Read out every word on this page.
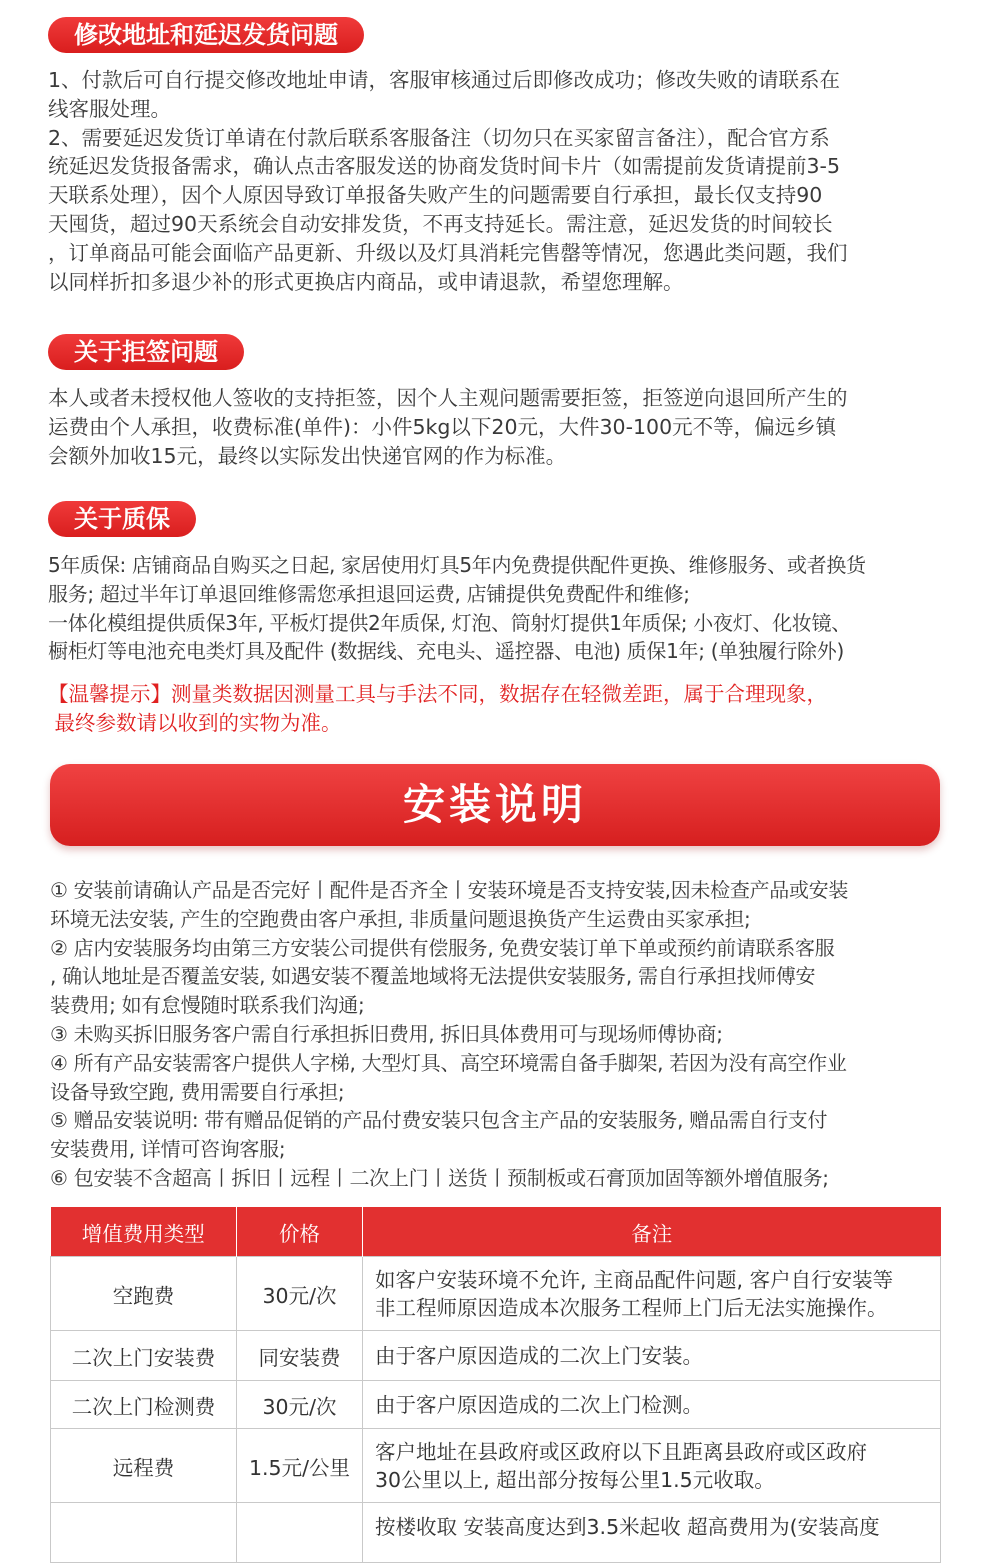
修改地址和延迟发货问题

1、付款后可自行提交修改地址申请，客服审核通过后即修改成功；修改失败的请联系在

线客服处理。

2、需要延迟发货订单请在付款后联系客服备注（切勿只在买家留言备注），配合官方系

统延迟发货报备需求，确认点击客服发送的协商发货时间卡片（如需提前发货请提前3-5

天联系处理），因个人原因导致订单报备失败产生的问题需要自行承担，最长仅支持90

天囤货，超过90天系统会自动安排发货，不再支持延长。需注意，延迟发货的时间较长

，订单商品可能会面临产品更新、升级以及灯具消耗完售罄等情况，您遇此类问题，我们

以同样折扣多退少补的形式更换店内商品，或申请退款，希望您理解。

关于拒签问题

本人或者未授权他人签收的支持拒签，因个人主观问题需要拒签，拒签逆向退回所产生的

运费由个人承担，收费标准(单件)：小件5kg以下20元，大件30-100元不等，偏远乡镇

会额外加收15元，最终以实际发出快递官网的作为标准。

关于质保

5年质保: 店铺商品自购买之日起, 家居使用灯具5年内免费提供配件更换、维修服务、或者换货

服务; 超过半年订单退回维修需您承担退回运费, 店铺提供免费配件和维修;

一体化模组提供质保3年, 平板灯提供2年质保, 灯泡、筒射灯提供1年质保; 小夜灯、化妆镜、

橱柜灯等电池充电类灯具及配件 (数据线、充电头、遥控器、电池) 质保1年; (单独履行除外)

【温馨提示】测量类数据因测量工具与手法不同，数据存在轻微差距，属于合理现象，

最终参数请以收到的实物为准。

安装说明

① 安装前请确认产品是否完好丨配件是否齐全丨安装环境是否支持安装,因未检查产品或安装

环境无法安装, 产生的空跑费由客户承担, 非质量问题退换货产生运费由买家承担;

② 店内安装服务均由第三方安装公司提供有偿服务, 免费安装订单下单或预约前请联系客服

, 确认地址是否覆盖安装, 如遇安装不覆盖地域将无法提供安装服务, 需自行承担找师傅安

装费用; 如有怠慢随时联系我们沟通;

③ 未购买拆旧服务客户需自行承担拆旧费用, 拆旧具体费用可与现场师傅协商;

④ 所有产品安装需客户提供人字梯, 大型灯具、高空环境需自备手脚架, 若因为没有高空作业

设备导致空跑, 费用需要自行承担;

⑤ 赠品安装说明: 带有赠品促销的产品付费安装只包含主产品的安装服务, 赠品需自行支付

安装费用, 详情可咨询客服;

⑥ 包安装不含超高丨拆旧丨远程丨二次上门丨送货丨预制板或石膏顶加固等额外增值服务;

增值费用类型	价格	备注
空跑费	30元/次	如客户安装环境不允许, 主商品配件问题, 客户自行安装等

非工程师原因造成本次服务工程师上门后无法实施操作。

二次上门安装费	同安装费	由于客户原因造成的二次上门安装。

二次上门检测费	30元/次	由于客户原因造成的二次上门检测。

远程费	1.5元/公里	客户地址在县政府或区政府以下且距离县政府或区政府

30公里以上, 超出部分按每公里1.5元收取。

		按楼收取 安装高度达到3.5米起收 超高费用为(安装高度
